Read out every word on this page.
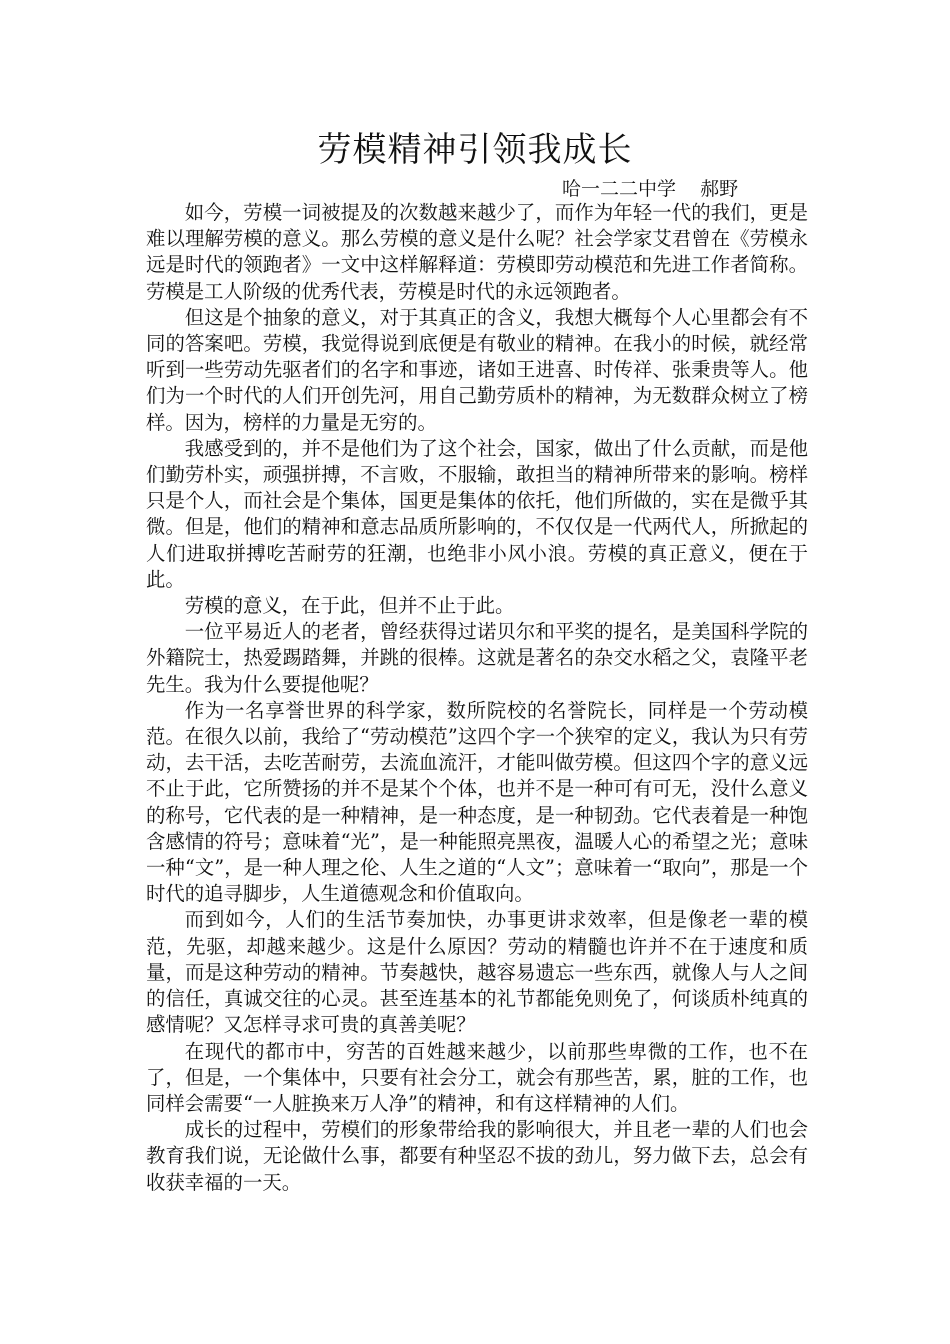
劳模精神引领我成长
哈一二二中学    郝野

如今，劳模一词被提及的次数越来越少了，而作为年轻一代的我们，更是难以理解劳模的意义。那么劳模的意义是什么呢？社会学家艾君曾在《劳模永远是时代的领跑者》一文中这样解释道：劳模即劳动模范和先进工作者简称。劳模是工人阶级的优秀代表，劳模是时代的永远领跑者。

但这是个抽象的意义，对于其真正的含义，我想大概每个人心里都会有不同的答案吧。劳模，我觉得说到底便是有敬业的精神。在我小的时候，就经常听到一些劳动先驱者们的名字和事迹，诸如王进喜、时传祥、张秉贵等人。他们为一个时代的人们开创先河，用自己勤劳质朴的精神，为无数群众树立了榜样。因为，榜样的力量是无穷的。

我感受到的，并不是他们为了这个社会，国家，做出了什么贡献，而是他们勤劳朴实，顽强拼搏，不言败，不服输，敢担当的精神所带来的影响。榜样只是个人，而社会是个集体，国更是集体的依托，他们所做的，实在是微乎其微。但是，他们的精神和意志品质所影响的，不仅仅是一代两代人，所掀起的人们进取拼搏吃苦耐劳的狂潮，也绝非小风小浪。劳模的真正意义，便在于此。

劳模的意义，在于此，但并不止于此。

一位平易近人的老者，曾经获得过诺贝尔和平奖的提名，是美国科学院的外籍院士，热爱踢踏舞，并跳的很棒。这就是著名的杂交水稻之父，袁隆平老先生。我为什么要提他呢？

作为一名享誉世界的科学家，数所院校的名誉院长，同样是一个劳动模范。在很久以前，我给了“劳动模范”这四个字一个狭窄的定义，我认为只有劳动，去干活，去吃苦耐劳，去流血流汗，才能叫做劳模。但这四个字的意义远不止于此，它所赞扬的并不是某个个体，也并不是一种可有可无，没什么意义的称号，它代表的是一种精神，是一种态度，是一种韧劲。它代表着是一种饱含感情的符号；意味着“光”，是一种能照亮黑夜，温暖人心的希望之光；意味一种“文”，是一种人理之伦、人生之道的“人文”；意味着一“取向”，那是一个时代的追寻脚步，人生道德观念和价值取向。

而到如今，人们的生活节奏加快，办事更讲求效率，但是像老一辈的模范，先驱，却越来越少。这是什么原因？劳动的精髓也许并不在于速度和质量，而是这种劳动的精神。节奏越快，越容易遗忘一些东西，就像人与人之间的信任，真诚交往的心灵。甚至连基本的礼节都能免则免了，何谈质朴纯真的感情呢？又怎样寻求可贵的真善美呢？

在现代的都市中，穷苦的百姓越来越少，以前那些卑微的工作，也不在了，但是，一个集体中，只要有社会分工，就会有那些苦，累，脏的工作，也同样会需要“一人脏换来万人净”的精神，和有这样精神的人们。

成长的过程中，劳模们的形象带给我的影响很大，并且老一辈的人们也会教育我们说，无论做什么事，都要有种坚忍不拔的劲儿，努力做下去，总会有收获幸福的一天。
